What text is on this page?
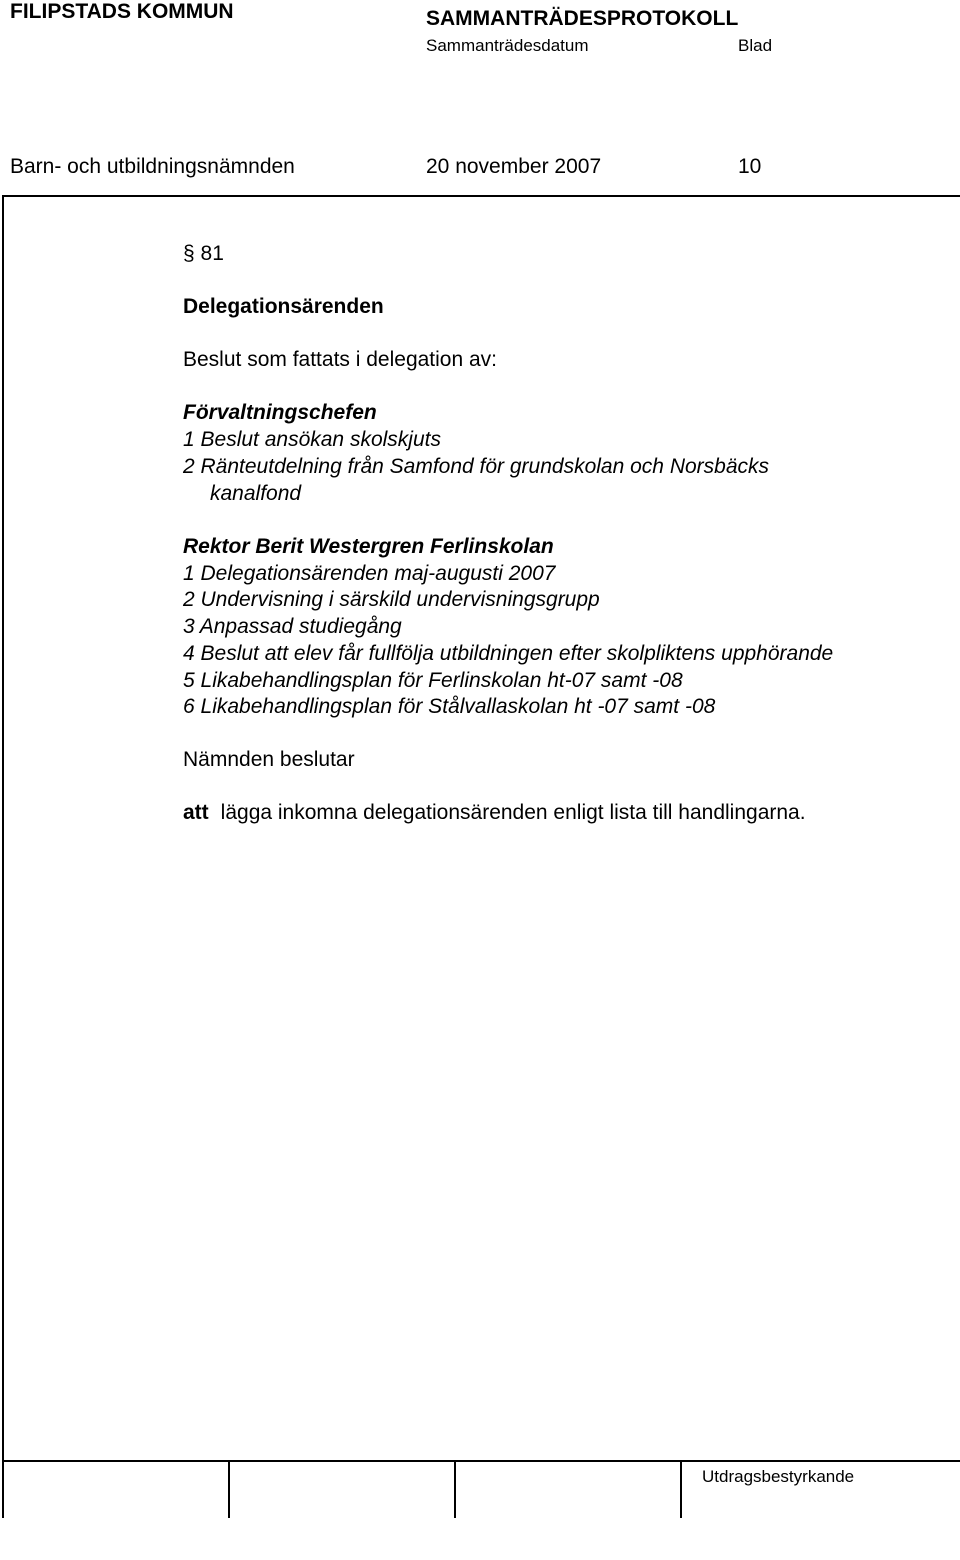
FILIPSTADS KOMMUN	SAMMANTRÄDESPROTOKOLL
Sammanträdesdatum	Blad
Barn- och utbildningsnämnden	20 november 2007	10
§ 81
Delegationsärenden
Beslut som fattats i delegation av:
Förvaltningschefen
1 Beslut ansökan skolskjuts
2 Ränteutdelning från Samfond för grundskolan och Norsbäcks
kanalfond
Rektor Berit Westergren Ferlinskolan
1 Delegationsärenden maj-augusti 2007
2 Undervisning i särskild undervisningsgrupp
3 Anpassad studiegång
4 Beslut att elev får fullfölja utbildningen efter skolpliktens upphörande
5 Likabehandlingsplan för Ferlinskolan ht-07 samt -08
6 Likabehandlingsplan för Stålvallaskolan ht -07 samt -08
Nämnden beslutar
att lägga inkomna delegationsärenden enligt lista till handlingarna.
Utdragsbestyrkande
